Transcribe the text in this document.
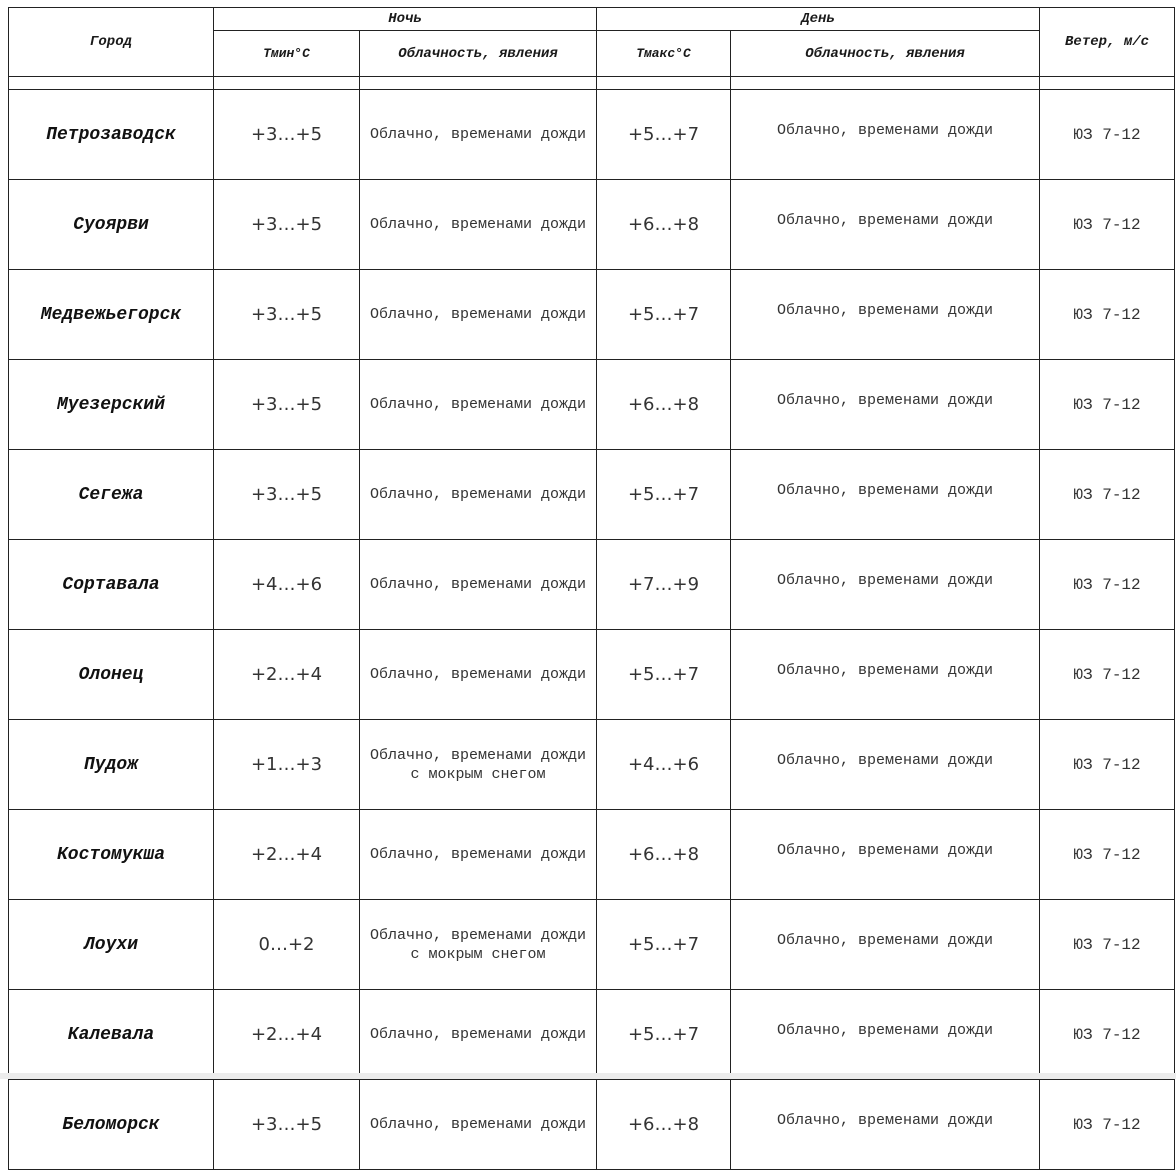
Город	Ночь		День		Ветер, м/с
	Тмин°С	Облачность, явления	Тмакс°С	Облачность, явления	

Петрозаводск	+3…+5	Облачно, временами дожди	+5…+7	Облачно, временами дожди	ЮЗ 7-12
Суоярви	+3…+5	Облачно, временами дожди	+6…+8	Облачно, временами дожди	ЮЗ 7-12
Медвежьегорск	+3…+5	Облачно, временами дожди	+5…+7	Облачно, временами дожди	ЮЗ 7-12
Муезерский	+3…+5	Облачно, временами дожди	+6…+8	Облачно, временами дожди	ЮЗ 7-12
Сегежа	+3…+5	Облачно, временами дожди	+5…+7	Облачно, временами дожди	ЮЗ 7-12
Сортавала	+4…+6	Облачно, временами дожди	+7…+9	Облачно, временами дожди	ЮЗ 7-12
Олонец	+2…+4	Облачно, временами дожди	+5…+7	Облачно, временами дожди	ЮЗ 7-12
Пудож	+1…+3	Облачно, временами дожди с мокрым снегом	+4…+6	Облачно, временами дожди	ЮЗ 7-12
Костомукша	+2…+4	Облачно, временами дожди	+6…+8	Облачно, временами дожди	ЮЗ 7-12
Лоухи	0…+2	Облачно, временами дожди с мокрым снегом	+5…+7	Облачно, временами дожди	ЮЗ 7-12
Калевала	+2…+4	Облачно, временами дожди	+5…+7	Облачно, временами дожди	ЮЗ 7-12
Беломорск	+3…+5	Облачно, временами дожди	+6…+8	Облачно, временами дожди	ЮЗ 7-12
